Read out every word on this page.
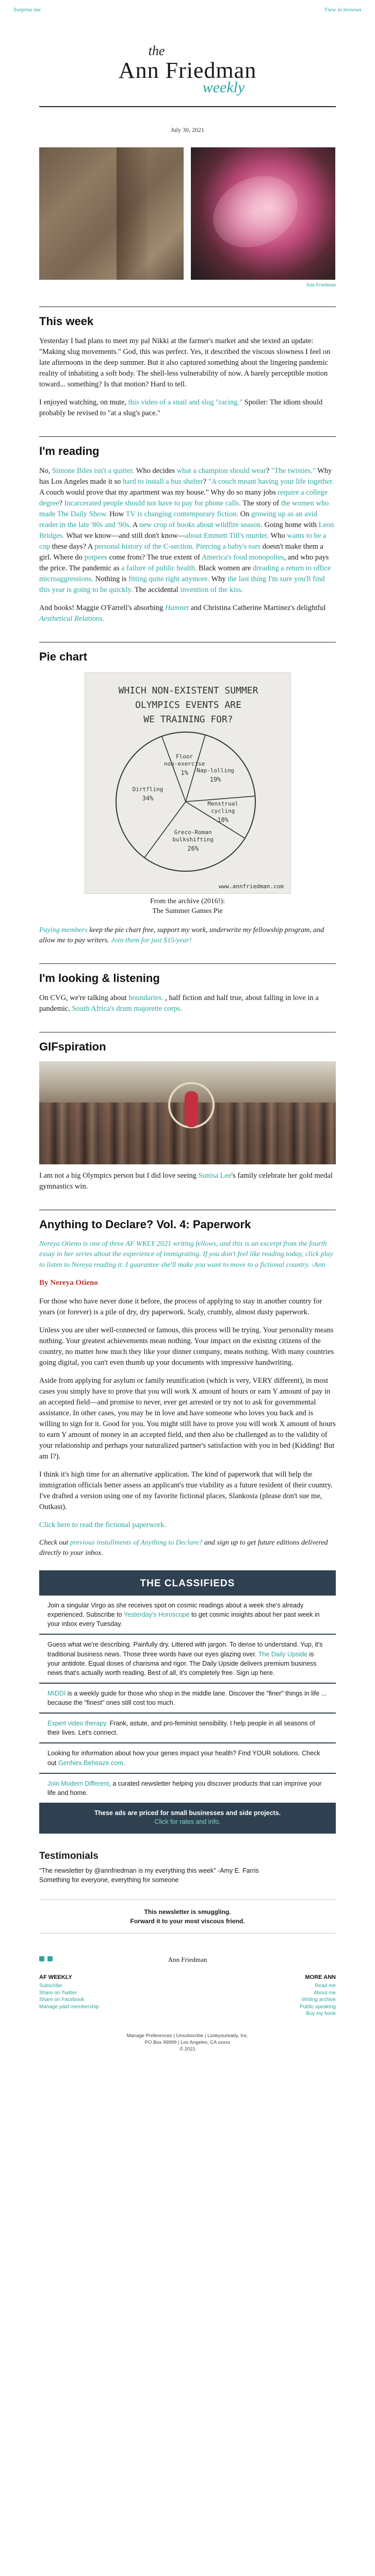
Surprise me	View in browser
the
Ann Friedman
weekly
July 30, 2021
Ann Friedman
This week

Yesterday I had plans to meet my pal Nikki at the farmer's market and she texted an update: "Making slug movements." God, this was perfect. Yes, it described the viscous slowness I feel on late afternoons in the deep summer. But it also captured something about the lingering pandemic reality of inhabiting a soft body. The shell-less vulnerability of now. A barely perceptible motion toward... something? Is that motion? Hard to tell.

I enjoyed watching, on mute, this video of a snail and slug "racing." Spoiler: The idiom should probably be revised to "at a slug's pace."

I'm reading

No, Simone Biles isn't a quitter. Who decides what a champion should wear? "The twisties." Why has Los Angeles made it so hard to install a bus shelter? "A couch meant having your life together. A couch would prove that my apartment was my house." Why do so many jobs require a college degree? Incarcerated people should not have to pay for phone calls. The story of the women who made The Daily Show. How TV is changing contemporary fiction. On growing up as an avid reader in the late '80s and '90s. A new crop of books about wildfire season. Going home with Leon Bridges. What we know—and still don't know—about Emmett Till's murder. Who wants to be a cop these days? A personal history of the C-section. Piercing a baby's ears doesn't make them a girl. Where do potpees come from? The true extent of America's food monopolies, and who pays the price. The pandemic as a failure of public health. Black women are dreading a return to office microaggressions. Nothing is fitting quite right anymore. Why the last thing I'm sure you'll find this year is going to be quickly. The accidental invention of the kiss.

And books! Maggie O'Farrell's absorbing Hamnet and Christina Catherine Martinez's delightful Aesthetical Relations.

Pie chart
WHICH NON-EXISTENT SUMMER
OLYMPICS EVENTS ARE
WE TRAINING FOR?
Floor
non-exercise
1% Nap-lolling
19%
Menstrual
cycling
10%
Greco-Roman
bulkshifting
26%
Dirtfling
34%
www.annfriedman.com
From the archive (2016!):
The Summer Games Pie

Paying members keep the pie chart free, support my work, underwrite my fellowship program, and allow me to pay writers. Join them for just $15/year!

I'm looking & listening

On CVG, we're talking about boundaries. , half fiction and half true, about falling in love in a pandemic. South Africa's drum majorette corps.

GIFspiration

I am not a big Olympics person but I did love seeing Sunisa Lee's family celebrate her gold medal gymnastics win.

Anything to Declare? Vol. 4: Paperwork

Nereya Otieno is one of three AF WKLY 2021 writing fellows, and this is an excerpt from the fourth essay in her series about the experience of immigrating. If you don't feel like reading today, click play to listen to Nereya reading it. I guarantee she'll make you want to move to a fictional country. -Ann

By Nereya Otieno

For those who have never done it before, the process of applying to stay in another country for years (or forever) is a pile of dry, dry paperwork. Scaly, crumbly, almost dusty paperwork.

Unless you are uber well-connected or famous, this process will be trying. Your personality means nothing. Your greatest achievements mean nothing. Your impact on the existing citizens of the country, no matter how much they like your dinner company, means nothing. With many countries going digital, you can't even thumb up your documents with impressive handwriting.

Aside from applying for asylum or family reunification (which is very, VERY different), in most cases you simply have to prove that you will work X amount of hours or earn Y amount of pay in an accepted field—and promise to never, ever get arrested or try not to ask for governmental assistance. In other cases, you may be in love and have someone who loves you back and is willing to sign for it. Good for you. You might still have to prove you will work X amount of hours to earn Y amount of money in an accepted field, and then also be challenged as to the validity of your relationship and perhaps your naturalized partner's satisfaction with you in bed (Kidding! But am I?).

I think it's high time for an alternative application. The kind of paperwork that will help the immigration officials better assess an applicant's true viability as a future resident of their country. I've drafted a version using one of my favorite fictional places, Slankosta (please don't sue me, Outkast).

Click here to read the fictional paperwork.

Check out previous installments of Anything to Declare? and sign up to get future editions delivered directly to your inbox.

THE CLASSIFIEDS
Join a singular Virgo as she receives spot on cosmic readings about a week she's already experienced. Subscribe to Yesterday's Horoscope to get cosmic insights about her past week in your inbox every Tuesday.
Guess what we're describing. Painfully dry. Littered with jargon. To dense to understand. Yup, it's traditional business news. Those three words have our eyes glazing over. The Daily Upside is your antidote. Equal doses of charisma and rigor. The Daily Upside delivers premium business news that's actually worth reading. Best of all, it's completely free. Sign up here.
MIDDI is a weekly guide for those who shop in the middle lane. Discover the "finer" things in life ... because the "finest" ones still cost too much.
Expert video therapy. Frank, astute, and pro-feminist sensibility. I help people in all seasons of their lives. Let's connect.
Looking for information about how your genes impact your health? Find YOUR solutions. Check out GenNex.Beheaze.com.
Join Modern Different, a curated newsletter helping you discover products that can improve your life and home.
These ads are priced for small businesses and side projects.
Click for rates and info.
Testimonials

"The newsletter by @annfriedman is my everything this week" -Amy E. Farris

Something for everyone, everything for someone

This newsletter is smuggling.
Forward it to your most viscous friend.
Ann Friedman
AF WEEKLY
Subscribe
Share on Twitter
Share on Facebook
Manage paid membership
MORE ANN
Read me
About me
Writing archive
Public speaking
Buy my book
Manage Preferences | Unsubscribe | Lookyouready, Inc.
PO Box 99999 | Los Angeles, CA xxxxx
© 2021
